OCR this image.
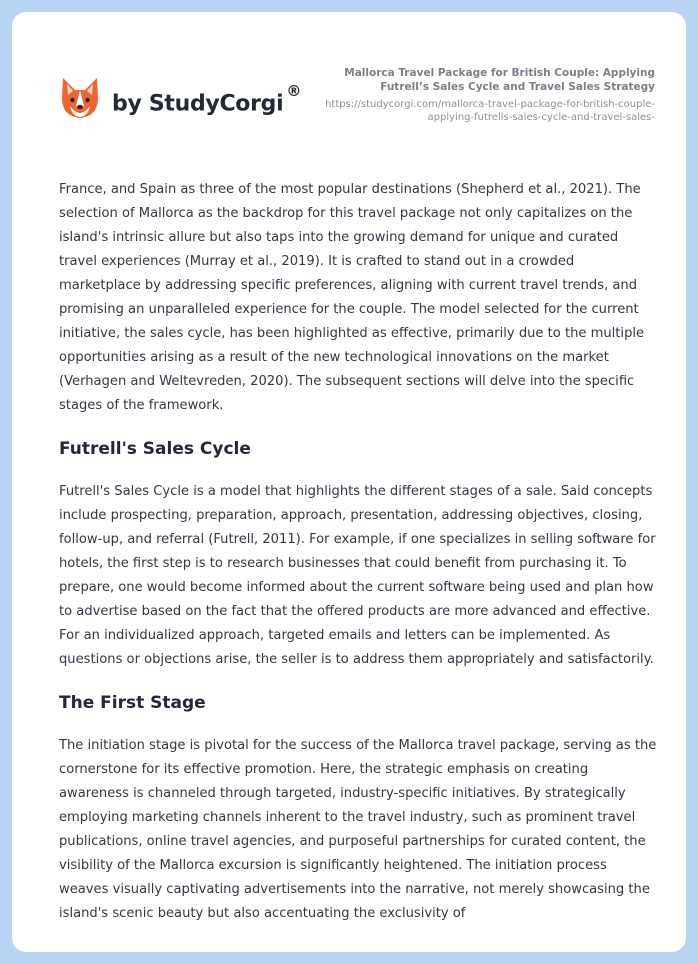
by StudyCorgi®
Mallorca Travel Package for British Couple: Applying Futrell’s Sales Cycle and Travel Sales Strategy
https://studycorgi.com/mallorca-travel-package-for-british-couple-applying-futrells-sales-cycle-and-travel-sales-

France, and Spain as three of the most popular destinations (Shepherd et al., 2021). The selection of Mallorca as the backdrop for this travel package not only capitalizes on the island's intrinsic allure but also taps into the growing demand for unique and curated travel experiences (Murray et al., 2019). It is crafted to stand out in a crowded marketplace by addressing specific preferences, aligning with current travel trends, and promising an unparalleled experience for the couple. The model selected for the current initiative, the sales cycle, has been highlighted as effective, primarily due to the multiple opportunities arising as a result of the new technological innovations on the market (Verhagen and Weltevreden, 2020). The subsequent sections will delve into the specific stages of the framework.

Futrell's Sales Cycle

Futrell's Sales Cycle is a model that highlights the different stages of a sale. Said concepts include prospecting, preparation, approach, presentation, addressing objectives, closing, follow-up, and referral (Futrell, 2011). For example, if one specializes in selling software for hotels, the first step is to research businesses that could benefit from purchasing it. To prepare, one would become informed about the current software being used and plan how to advertise based on the fact that the offered products are more advanced and effective. For an individualized approach, targeted emails and letters can be implemented. As questions or objections arise, the seller is to address them appropriately and satisfactorily.

The First Stage

The initiation stage is pivotal for the success of the Mallorca travel package, serving as the cornerstone for its effective promotion. Here, the strategic emphasis on creating awareness is channeled through targeted, industry-specific initiatives. By strategically employing marketing channels inherent to the travel industry, such as prominent travel publications, online travel agencies, and purposeful partnerships for curated content, the visibility of the Mallorca excursion is significantly heightened. The initiation process weaves visually captivating advertisements into the narrative, not merely showcasing the island's scenic beauty but also accentuating the exclusivity of
